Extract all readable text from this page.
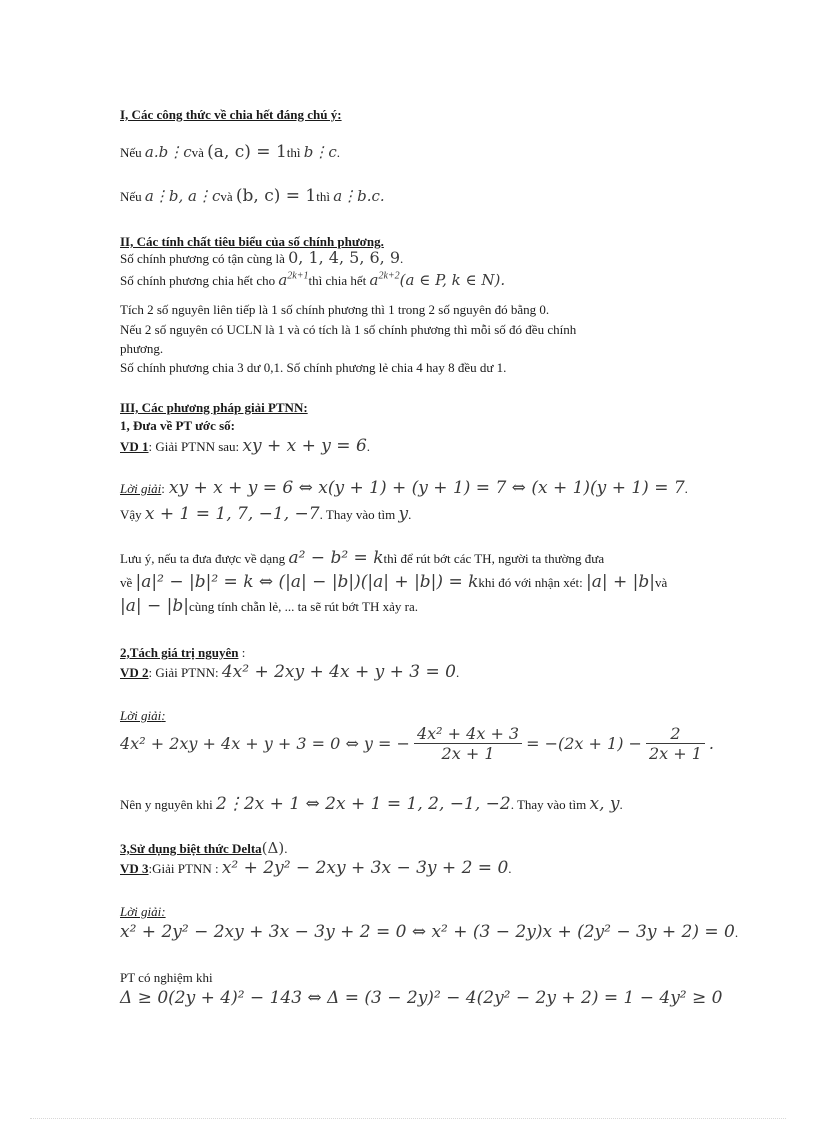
I, Các công thức về chia hết đáng chú ý:
Nếu a.b⋮cvà (a, c) = 1thì b⋮c.
Nếu a⋮b, a⋮cvà (b, c) = 1thì a⋮b.c.
II, Các tính chất tiêu biểu của số chính phương.
Số chính phương có tận cùng là 0, 1, 4, 5, 6, 9.
Số chính phương chia hết cho $a^{2k+1}thì$ chia hết $a^{2k+2}(a$ ∈ P, k ∈ N).
Tích 2 số nguyên liên tiếp là 1 số chính phương thì 1 trong 2 số nguyên đó bằng 0.
Nếu 2 số nguyên có UCLN là 1 và có tích là 1 số chính phương thì mỗi số đó đều chính
phương.
Số chính phương chia 3 dư 0,1. Số chính phương lẻ chia 4 hay 8 đều dư 1.
III, Các phương pháp giải PTNN:
1, Đưa về PT ước số:
VD 1: Giải PTNN sau: xy + x + y = 6.
Lời giải: xy + x + y = 6 ⇔ x(y + 1) + (y + 1) = 7 ⇔ (x + 1)(y + 1) = 7.
Vậy x + 1 = 1, 7, −1, −7. Thay vào tìm y.
Lưu ý, nếu ta đưa được về dạng a² − b² = kthì để rút bớt các TH, người ta thường đưa
về |a|² − |b|² = k ⇔ (|a| − |b|)(|a| + |b|) = kkhi đó với nhận xét: |a| + |b|và
|a| − |b|cùng tính chẵn lẻ, ... ta sẽ rút bớt TH xảy ra.
2,Tách giá trị nguyên :
VD 2: Giải PTNN: 4x² + 2xy + 4x + y + 3 = 0.
Lời giải:
4x² + 2xy + 4x + y + 3 = 0 ⇔ y = − $\frac{\text{4x² + 4x + 3}}{2x + 1} = -(2x + 1) - \frac{2}{2x + 1}$ .
Nên y nguyên khi 2⋮2x + 1 ⇔ 2x + 1 = 1, 2, −1, −2. Thay vào tìm x, y.
3,Sử dụng biệt thức Delta(Δ).
VD 3:Giải PTNN : x² + 2y² − 2xy + 3x − 3y + 2 = 0.
Lời giải:
x² + 2y² − 2xy + 3x − 3y + 2 = 0 ⇔ x² + (3 − 2y)x + (2y² − 3y + 2) = 0.
PT có nghiệm khi
Δ ≥ 0(2y + 4)² − 143 ⇔ Δ = (3 − 2y)² − 4(2y² − 2y + 2) = 1 − 4y² ≥ 0
